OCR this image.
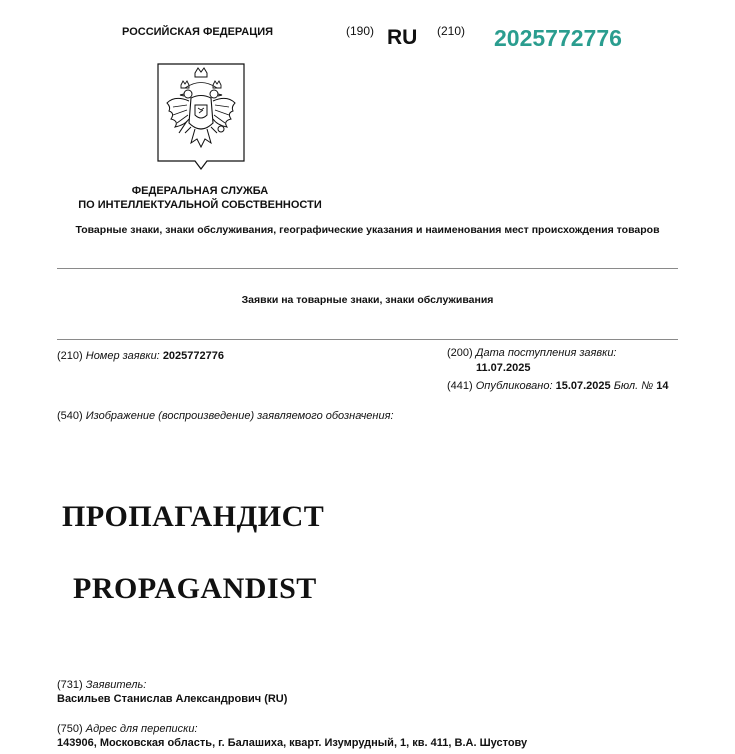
РОССИЙСКАЯ ФЕДЕРАЦИЯ	(190) RU (210) 2025772776
ФЕДЕРАЛЬНАЯ СЛУЖБА
ПО ИНТЕЛЛЕКТУАЛЬНОЙ СОБСТВЕННОСТИ
Товарные знаки, знаки обслуживания, географические указания и наименования мест происхождения товаров
Заявки на товарные знаки, знаки обслуживания
(210) Номер заявки: 2025772776	(200) Дата поступления заявки:
11.07.2025
(441) Опубликовано: 15.07.2025 Бюл. № 14
(540) Изображение (воспроизведение) заявляемого обозначения:
ПРОПАГАНДИСТ
PROPAGANDIST
(731) Заявитель:
Васильев Станислав Александрович (RU)
(750) Адрес для переписки:
143906, Московская область, г. Балашиха, кварт. Изумрудный, 1, кв. 411, В.А. Шустову
